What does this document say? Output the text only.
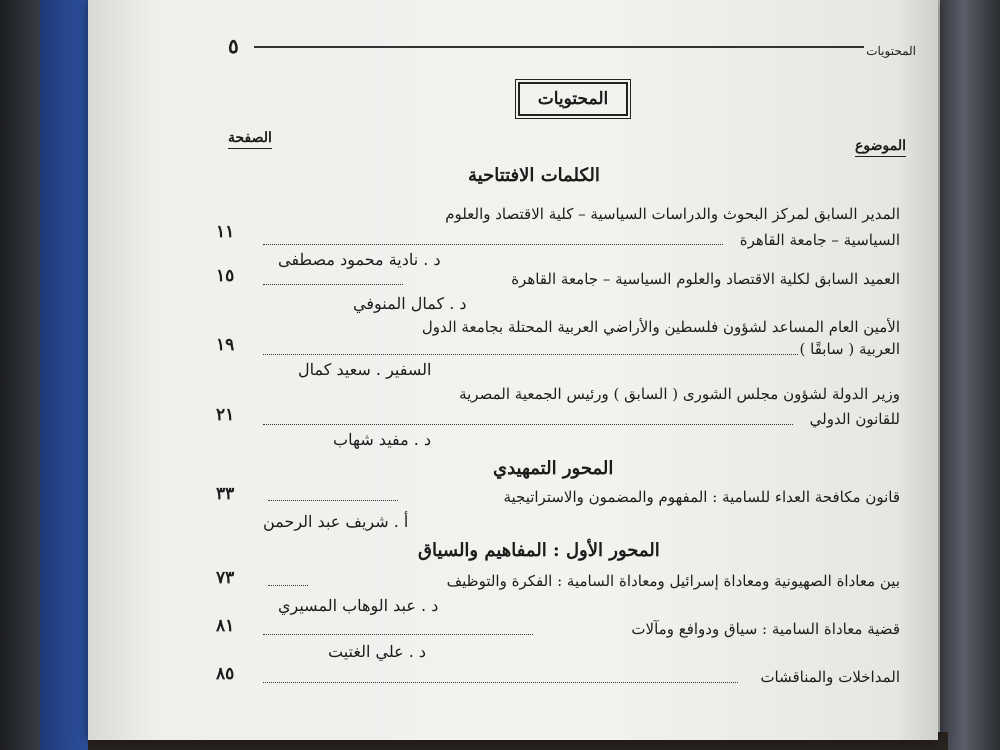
المحتويات
٥
المحتويات
الموضوع
الصفحة
الكلمات الافتتاحية
المدير السابق لمركز البحوث والدراسات السياسية – كلية الاقتصاد والعلوم
السياسية – جامعة القاهرة
١١
د . نادية محمود مصطفى
العميد السابق لكلية الاقتصاد والعلوم السياسية – جامعة القاهرة
١٥
د . كمال المنوفي
الأمين العام المساعد لشؤون فلسطين والأراضي العربية المحتلة بجامعة الدول
العربية ( سابقًا )
١٩
السفير . سعيد كمال
وزير الدولة لشؤون مجلس الشورى ( السابق ) ورئيس الجمعية المصرية
للقانون الدولي
٢١
د . مفيد شهاب
المحور التمهيدي
قانون مكافحة العداء للسامية : المفهوم والمضمون والاستراتيجية
٣٣
أ . شريف عبد الرحمن
المحور الأول : المفاهيم والسياق
بين معاداة الصهيونية ومعاداة إسرائيل ومعاداة السامية : الفكرة والتوظيف
٧٣
د . عبد الوهاب المسيري
قضية معاداة السامية : سياق ودوافع ومآلات
٨١
د . علي الغتيت
المداخلات والمناقشات
٨٥
